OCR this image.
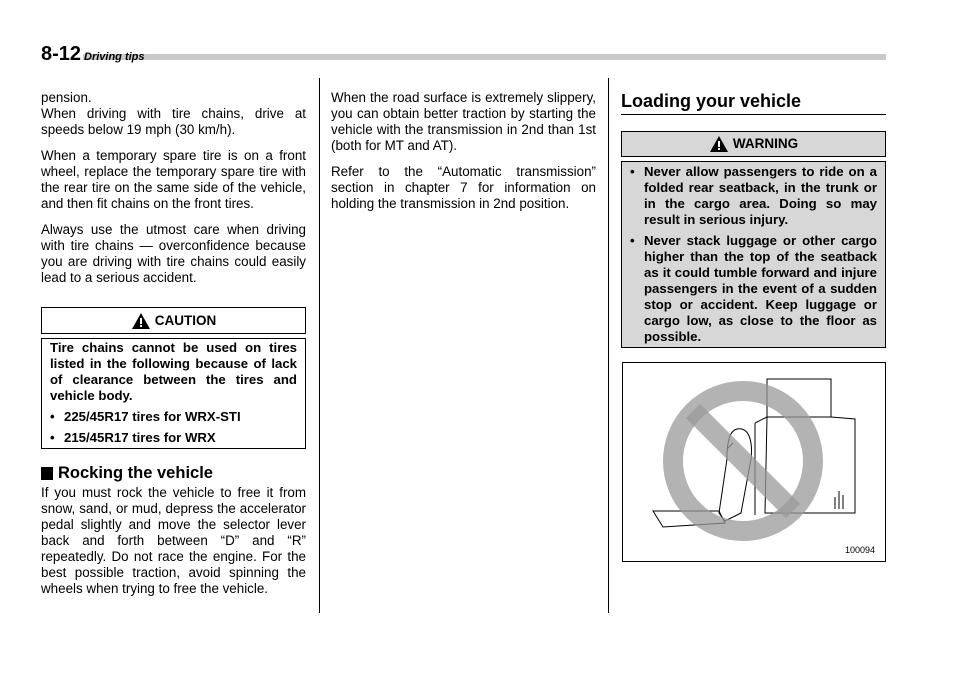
8-12 Driving tips

pension.
When driving with tire chains, drive at speeds below 19 mph (30 km/h).

When a temporary spare tire is on a front wheel, replace the temporary spare tire with the rear tire on the same side of the vehicle, and then fit chains on the front tires.

Always use the utmost care when driving with tire chains — overconfidence because you are driving with tire chains could easily lead to a serious accident.

CAUTION

Tire chains cannot be used on tires listed in the following because of lack of clearance between the tires and vehicle body.

• 225/45R17 tires for WRX-STI
• 215/45R17 tires for WRX
Rocking the vehicle

If you must rock the vehicle to free it from snow, sand, or mud, depress the accelerator pedal slightly and move the selector lever back and forth between “D” and “R” repeatedly. Do not race the engine. For the best possible traction, avoid spinning the wheels when trying to free the vehicle.

When the road surface is extremely slippery, you can obtain better traction by starting the vehicle with the transmission in 2nd than 1st (both for MT and AT).

Refer to the “Automatic transmission” section in chapter 7 for information on holding the transmission in 2nd position.

Loading your vehicle
WARNING
• Never allow passengers to ride on a folded rear seatback, in the trunk or in the cargo area. Doing so may result in serious injury.
• Never stack luggage or other cargo higher than the top of the seatback as it could tumble forward and injure passengers in the event of a sudden stop or accident. Keep luggage or cargo low, as close to the floor as possible.
100094
